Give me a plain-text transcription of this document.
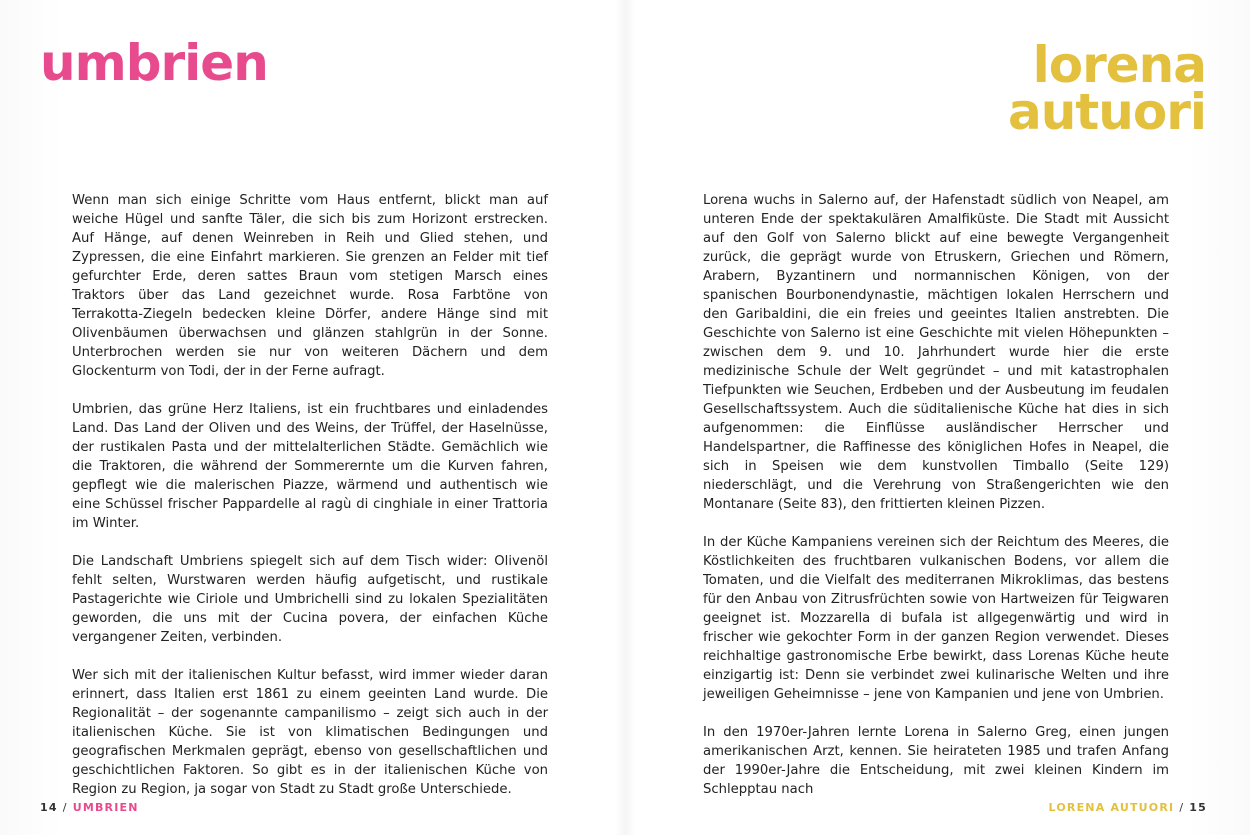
umbrien	lorena
autuori

Wenn man sich einige Schritte vom Haus entfernt, blickt man auf weiche Hügel und sanfte Täler, die sich bis zum Horizont erstrecken. Auf Hänge, auf denen Weinreben in Reih und Glied stehen, und Zypressen, die eine Einfahrt markieren. Sie grenzen an Felder mit tief gefurchter Erde, deren sattes Braun vom stetigen Marsch eines Traktors über das Land gezeichnet wurde. Rosa Farbtöne von Terrakotta-Ziegeln bedecken kleine Dörfer, andere Hänge sind mit Olivenbäumen überwachsen und glänzen stahlgrün in der Sonne. Unterbrochen werden sie nur von weiteren Dächern und dem Glockenturm von Todi, der in der Ferne aufragt.

Umbrien, das grüne Herz Italiens, ist ein fruchtbares und einladendes Land. Das Land der Oliven und des Weins, der Trüffel, der Haselnüsse, der rustikalen Pasta und der mittelalterlichen Städte. Gemächlich wie die Traktoren, die während der Sommerernte um die Kurven fahren, gepflegt wie die malerischen Piazze, wärmend und authentisch wie eine Schüssel frischer Pappardelle al ragù di cinghiale in einer Trattoria im Winter.

Die Landschaft Umbriens spiegelt sich auf dem Tisch wider: Olivenöl fehlt selten, Wurstwaren werden häufig aufgetischt, und rustikale Pastagerichte wie Ciriole und Umbrichelli sind zu lokalen Spezialitäten geworden, die uns mit der Cucina povera, der einfachen Küche vergangener Zeiten, verbinden.

Wer sich mit der italienischen Kultur befasst, wird immer wieder daran erinnert, dass Italien erst 1861 zu einem geeinten Land wurde. Die Regionalität – der sogenannte campanilismo – zeigt sich auch in der italienischen Küche. Sie ist von klimatischen Bedingungen und geografischen Merkmalen geprägt, ebenso von gesellschaftlichen und geschichtlichen Faktoren. So gibt es in der italienischen Küche von Region zu Region, ja sogar von Stadt zu Stadt große Unterschiede.

Lorena wuchs in Salerno auf, der Hafenstadt südlich von Neapel, am unteren Ende der spektakulären Amalfiküste. Die Stadt mit Aussicht auf den Golf von Salerno blickt auf eine bewegte Vergangenheit zurück, die geprägt wurde von Etruskern, Griechen und Römern, Arabern, Byzantinern und normannischen Königen, von der spanischen Bourbonendynastie, mächtigen lokalen Herrschern und den Garibaldini, die ein freies und geeintes Italien anstrebten. Die Geschichte von Salerno ist eine Geschichte mit vielen Höhepunkten – zwischen dem 9. und 10. Jahrhundert wurde hier die erste medizinische Schule der Welt gegründet – und mit katastrophalen Tiefpunkten wie Seuchen, Erdbeben und der Ausbeutung im feudalen Gesellschaftssystem. Auch die süditalienische Küche hat dies in sich aufgenommen: die Einflüsse ausländischer Herrscher und Handelspartner, die Raffinesse des königlichen Hofes in Neapel, die sich in Speisen wie dem kunstvollen Timballo (Seite 129) niederschlägt, und die Verehrung von Straßengerichten wie den Montanare (Seite 83), den frittierten kleinen Pizzen.

In der Küche Kampaniens vereinen sich der Reichtum des Meeres, die Köstlichkeiten des fruchtbaren vulkanischen Bodens, vor allem die Tomaten, und die Vielfalt des mediterranen Mikroklimas, das bestens für den Anbau von Zitrusfrüchten sowie von Hartweizen für Teigwaren geeignet ist. Mozzarella di bufala ist allgegenwärtig und wird in frischer wie gekochter Form in der ganzen Region verwendet. Dieses reichhaltige gastronomische Erbe bewirkt, dass Lorenas Küche heute einzigartig ist: Denn sie verbindet zwei kulinarische Welten und ihre jeweiligen Geheimnisse – jene von Kampanien und jene von Umbrien.

In den 1970er-Jahren lernte Lorena in Salerno Greg, einen jungen amerikanischen Arzt, kennen. Sie heirateten 1985 und trafen Anfang der 1990er-Jahre die Entscheidung, mit zwei kleinen Kindern im Schlepptau nach

14 / UMBRIEN	LORENA AUTUORI / 15
